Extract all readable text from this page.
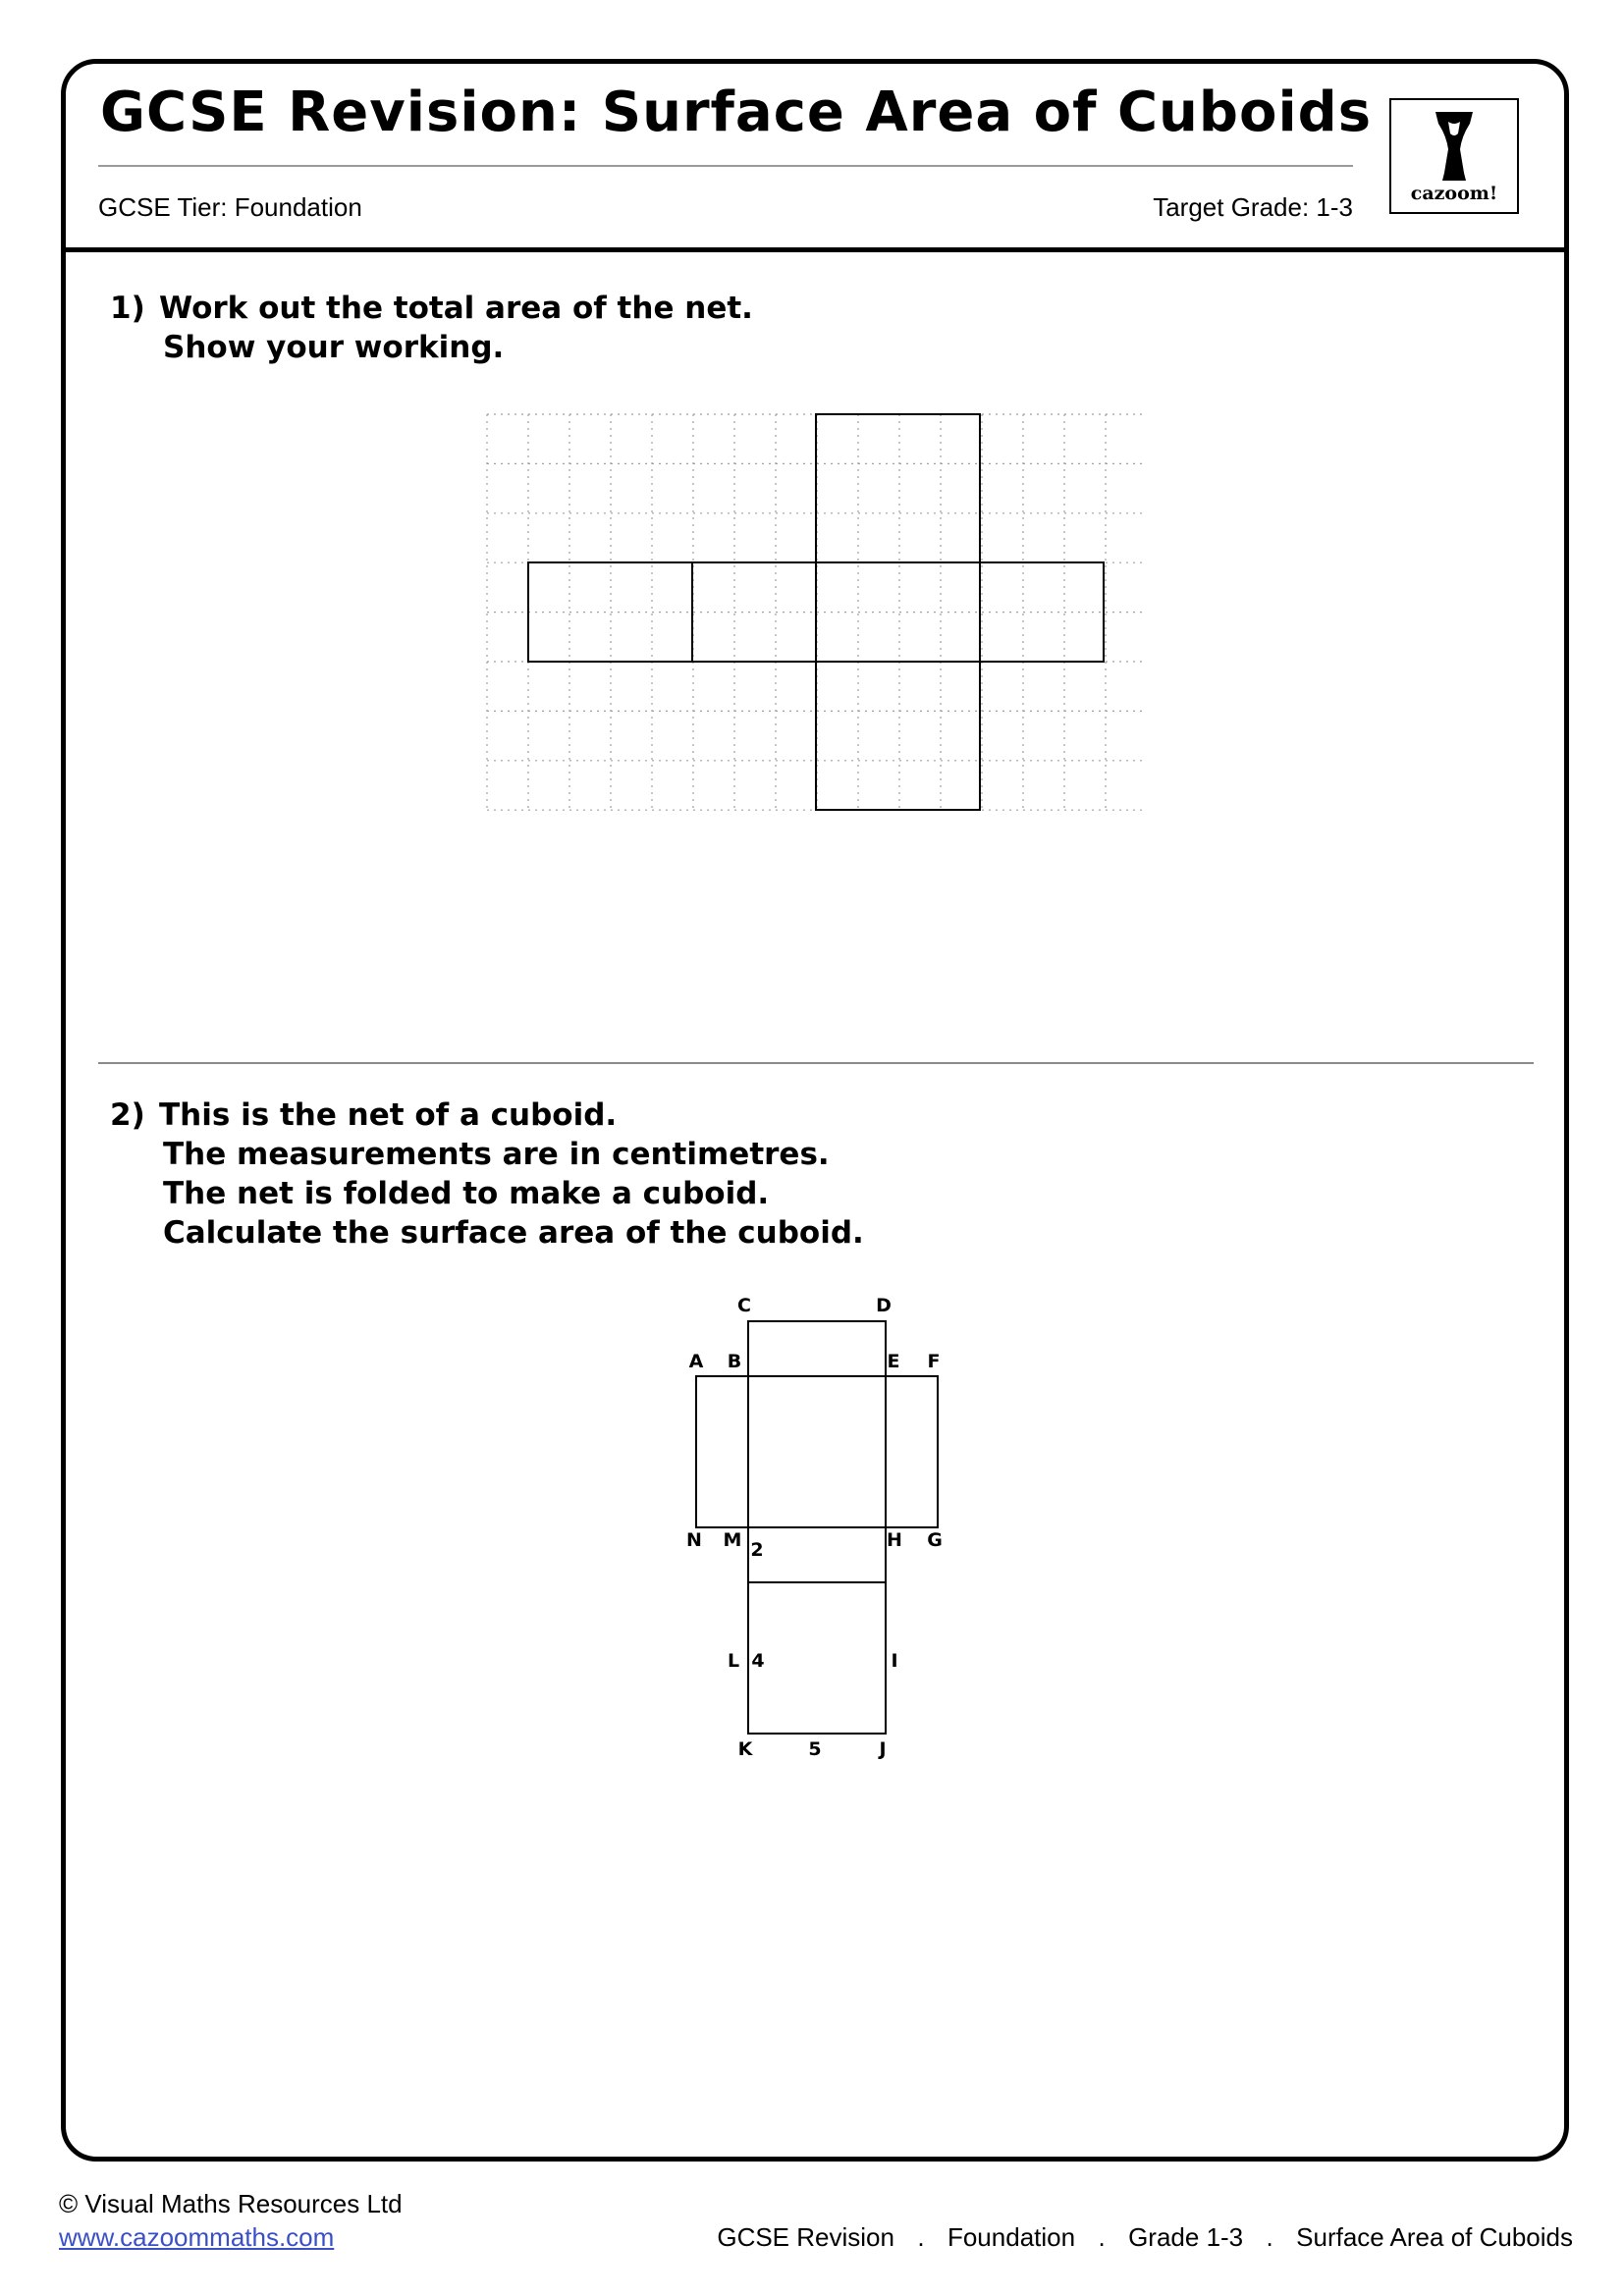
GCSE Revision: Surface Area of Cuboids
GCSE Tier: Foundation	Target Grade: 1-3	cazoom!
1) Work out the total area of the net.
Show your working.
2) This is the net of a cuboid.
The measurements are in centimetres.
The net is folded to make a cuboid.
Calculate the surface area of the cuboid.
C	D
A B	E F
N M 2	H G
L 4	I
K	5	J
© Visual Maths Resources Ltd
www.cazoommaths.com	GCSE Revision . Foundation . Grade 1-3 . Surface Area of Cuboids
